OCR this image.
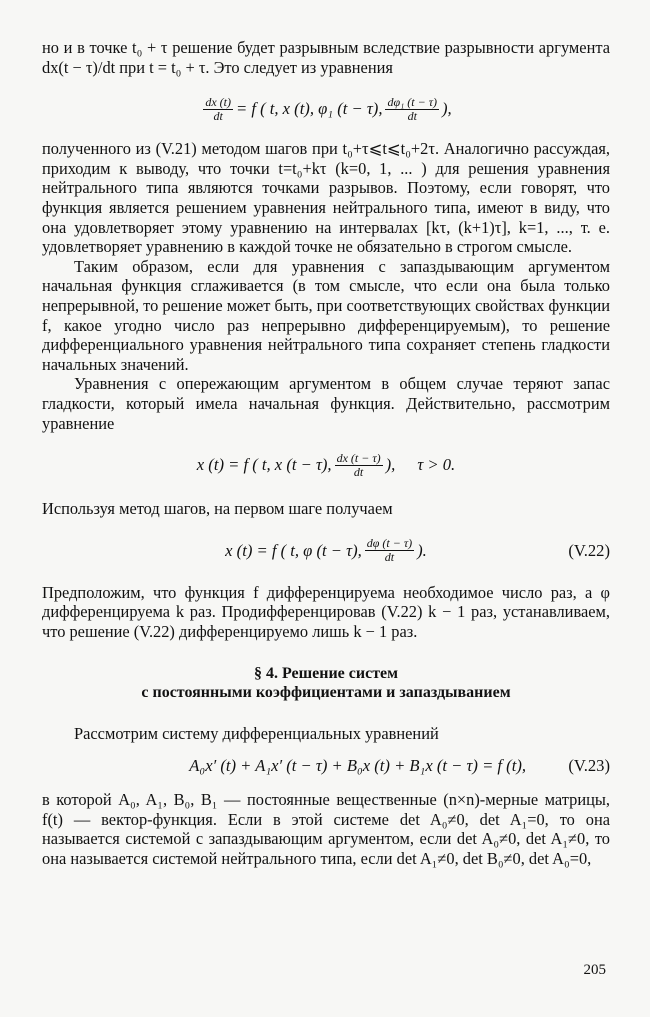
но и в точке t₀ + τ решение будет разрывным вследствие разрывности аргумента dx(t − τ)/dt при t = t₀ + τ. Это следует из уравнения

$\frac{dx (t)}{dt} = f$ ( t, x (t), φ₁ (t − τ), $\frac{\text{dφ₁ (t − τ)}}{dt}$ ),

полученного из (V.21) методом шагов при t₀+τ⩽t⩽t₀+2τ. Аналогично рассуждая, приходим к выводу, что точки t=t₀+kτ (k=0, 1, ... ) для решения уравнения нейтрального типа являются точками разрывов. Поэтому, если говорят, что функция является решением уравнения нейтрального типа, имеют в виду, что она удовлетворяет этому уравнению на интервалах [kτ, (k+1)τ], k=1, ..., т. е. удовлетворяет уравнению в каждой точке не обязательно в строгом смысле.

Таким образом, если для уравнения с запаздывающим аргументом начальная функция сглаживается (в том смысле, что если она была только непрерывной, то решение может быть, при соответствующих свойствах функции f, какое угодно число раз непрерывно дифференцируемым), то решение дифференциального уравнения нейтрального типа сохраняет степень гладкости начальных значений.

Уравнения с опережающим аргументом в общем случае теряют запас гладкости, который имела начальная функция. Действительно, рассмотрим уравнение

x (t) = f ( t, x (t − τ), $\frac{dx (t - \tau)}{dt}$ ), τ > 0.

Используя метод шагов, на первом шаге получаем

x (t) = f ( t, φ (t − τ), $\frac{d\varphi (t - \tau)}{dt}$ ).	(V.22)

Предположим, что функция f дифференцируема необходимое число раз, а φ дифференцируема k раз. Продифференцировав (V.22) k − 1 раз, устанавливаем, что решение (V.22) дифференцируемо лишь k − 1 раз.

§ 4. Решение систем
с постоянными коэффициентами и запаздыванием

Рассмотрим систему дифференциальных уравнений

A₀x′ (t) + A₁x′ (t − τ) + B₀x (t) + B₁x (t − τ) = f (t),	(V.23)

в которой A₀, A₁, B₀, B₁ — постоянные вещественные (n×n)-мерные матрицы, f(t) — вектор-функция. Если в этой системе det A₀≠0, det A₁=0, то она называется системой с запаздывающим аргументом, если det A₀≠0, det A₁≠0, то она называется системой нейтрального типа, если det A₁≠0, det B₀≠0, det A₀=0,

205
